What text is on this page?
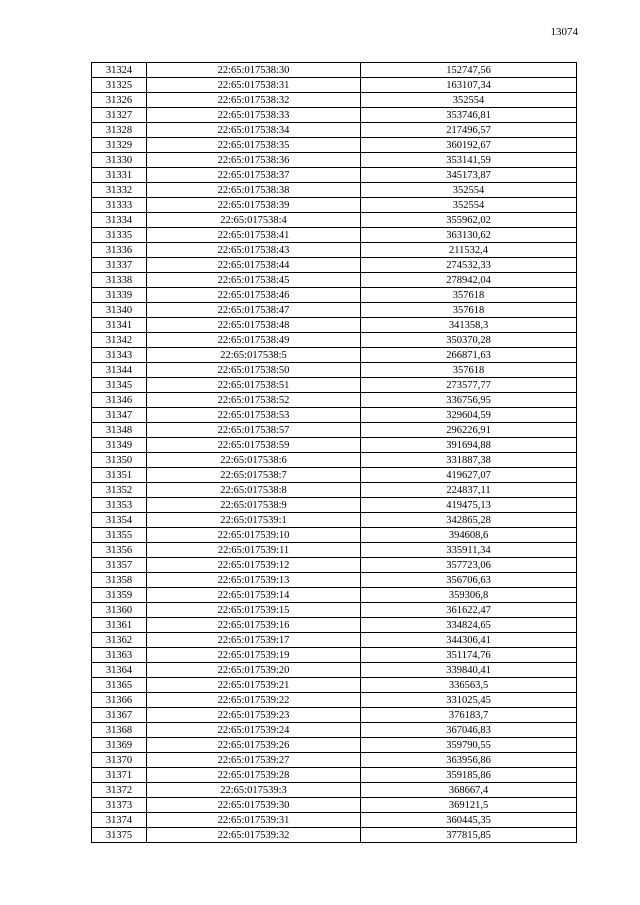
13074
31324	22:65:017538:30	152747,56
31325	22:65:017538:31	163107,34
31326	22:65:017538:32	352554
31327	22:65:017538:33	353746,81
31328	22:65:017538:34	217496,57
31329	22:65:017538:35	360192,67
31330	22:65:017538:36	353141,59
31331	22:65:017538:37	345173,87
31332	22:65:017538:38	352554
31333	22:65:017538:39	352554
31334	22:65:017538:4	355962,02
31335	22:65:017538:41	363130,62
31336	22:65:017538:43	211532,4
31337	22:65:017538:44	274532,33
31338	22:65:017538:45	278942,04
31339	22:65:017538:46	357618
31340	22:65:017538:47	357618
31341	22:65:017538:48	341358,3
31342	22:65:017538:49	350370,28
31343	22:65:017538:5	266871,63
31344	22:65:017538:50	357618
31345	22:65:017538:51	273577,77
31346	22:65:017538:52	336756,95
31347	22:65:017538:53	329604,59
31348	22:65:017538:57	296226,91
31349	22:65:017538:59	391694,88
31350	22:65:017538:6	331887,38
31351	22:65:017538:7	419627,07
31352	22:65:017538:8	224837,11
31353	22:65:017538:9	419475,13
31354	22:65:017539:1	342865,28
31355	22:65:017539:10	394608,6
31356	22:65:017539:11	335911,34
31357	22:65:017539:12	357723,06
31358	22:65:017539:13	356706,63
31359	22:65:017539:14	359306,8
31360	22:65:017539:15	361622,47
31361	22:65:017539:16	334824,65
31362	22:65:017539:17	344306,41
31363	22:65:017539:19	351174,76
31364	22:65:017539:20	339840,41
31365	22:65:017539:21	336563,5
31366	22:65:017539:22	331025,45
31367	22:65:017539:23	376183,7
31368	22:65:017539:24	367046,83
31369	22:65:017539:26	359790,55
31370	22:65:017539:27	363956,86
31371	22:65:017539:28	359185,86
31372	22:65:017539:3	368667,4
31373	22:65:017539:30	369121,5
31374	22:65:017539:31	360445,35
31375	22:65:017539:32	377815,85
